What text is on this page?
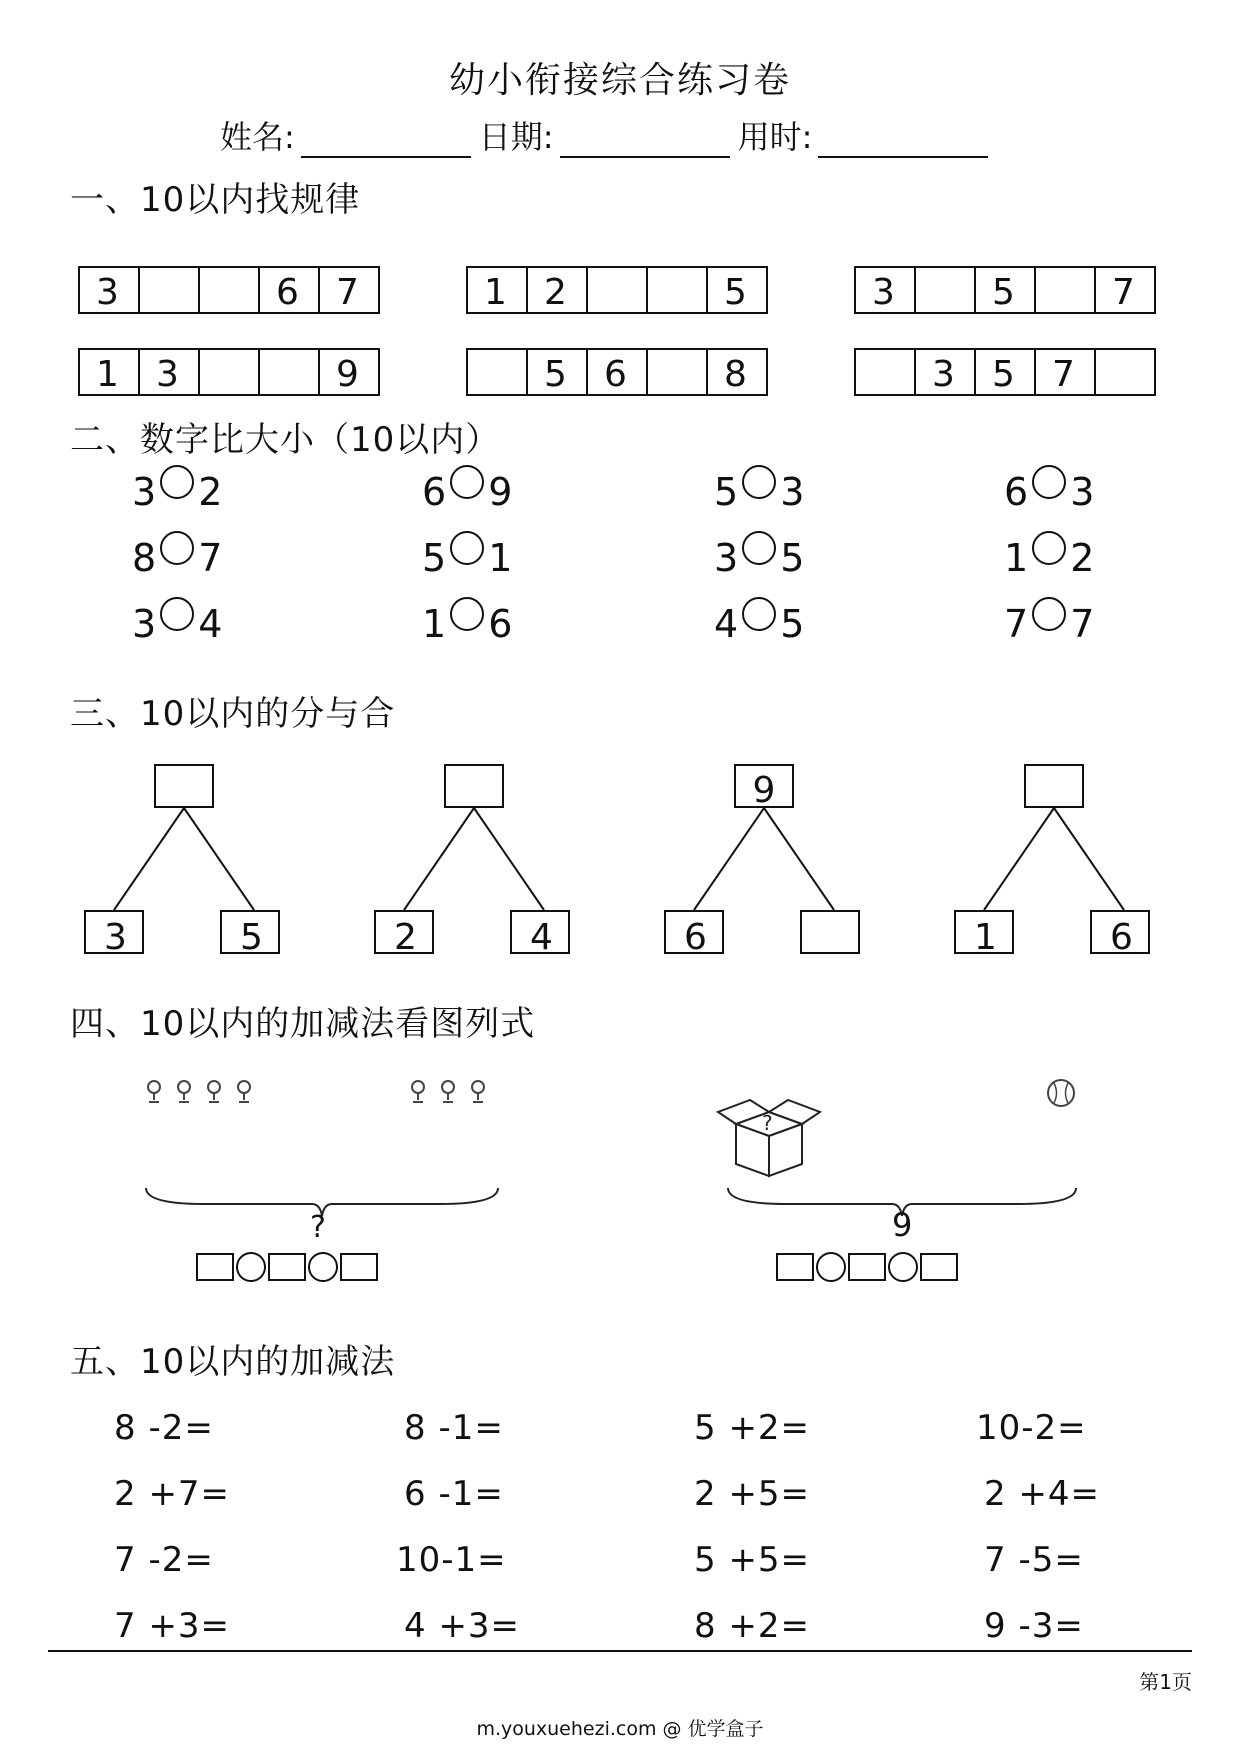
幼小衔接综合练习卷
姓名:	日期:	用时:
一、10以内找规律
3	6	7	1	2	5	3	5	7
1	3	9	5	6	8	3	5	7
二、数字比大小（10以内）
3 2	6 9	5 3	6 3
8 7	5 1	3 5	1 2
3 4	1 6	4 5	7 7
三、10以内的分与合
3	5	2	4
9
6	1	6
四、10以内的加减法看图列式
?
?
9
五、10以内的加减法
8 -2=	8 -1=	5 +2=	10-2=
2 +7=	6 -1=	2 +5=	2 +4=
7 -2=	10-1=	5 +5=	7 -5=
7 +3=	4 +3=	8 +2=	9 -3=
第1页
m.youxuehezi.com @ 优学盒子
